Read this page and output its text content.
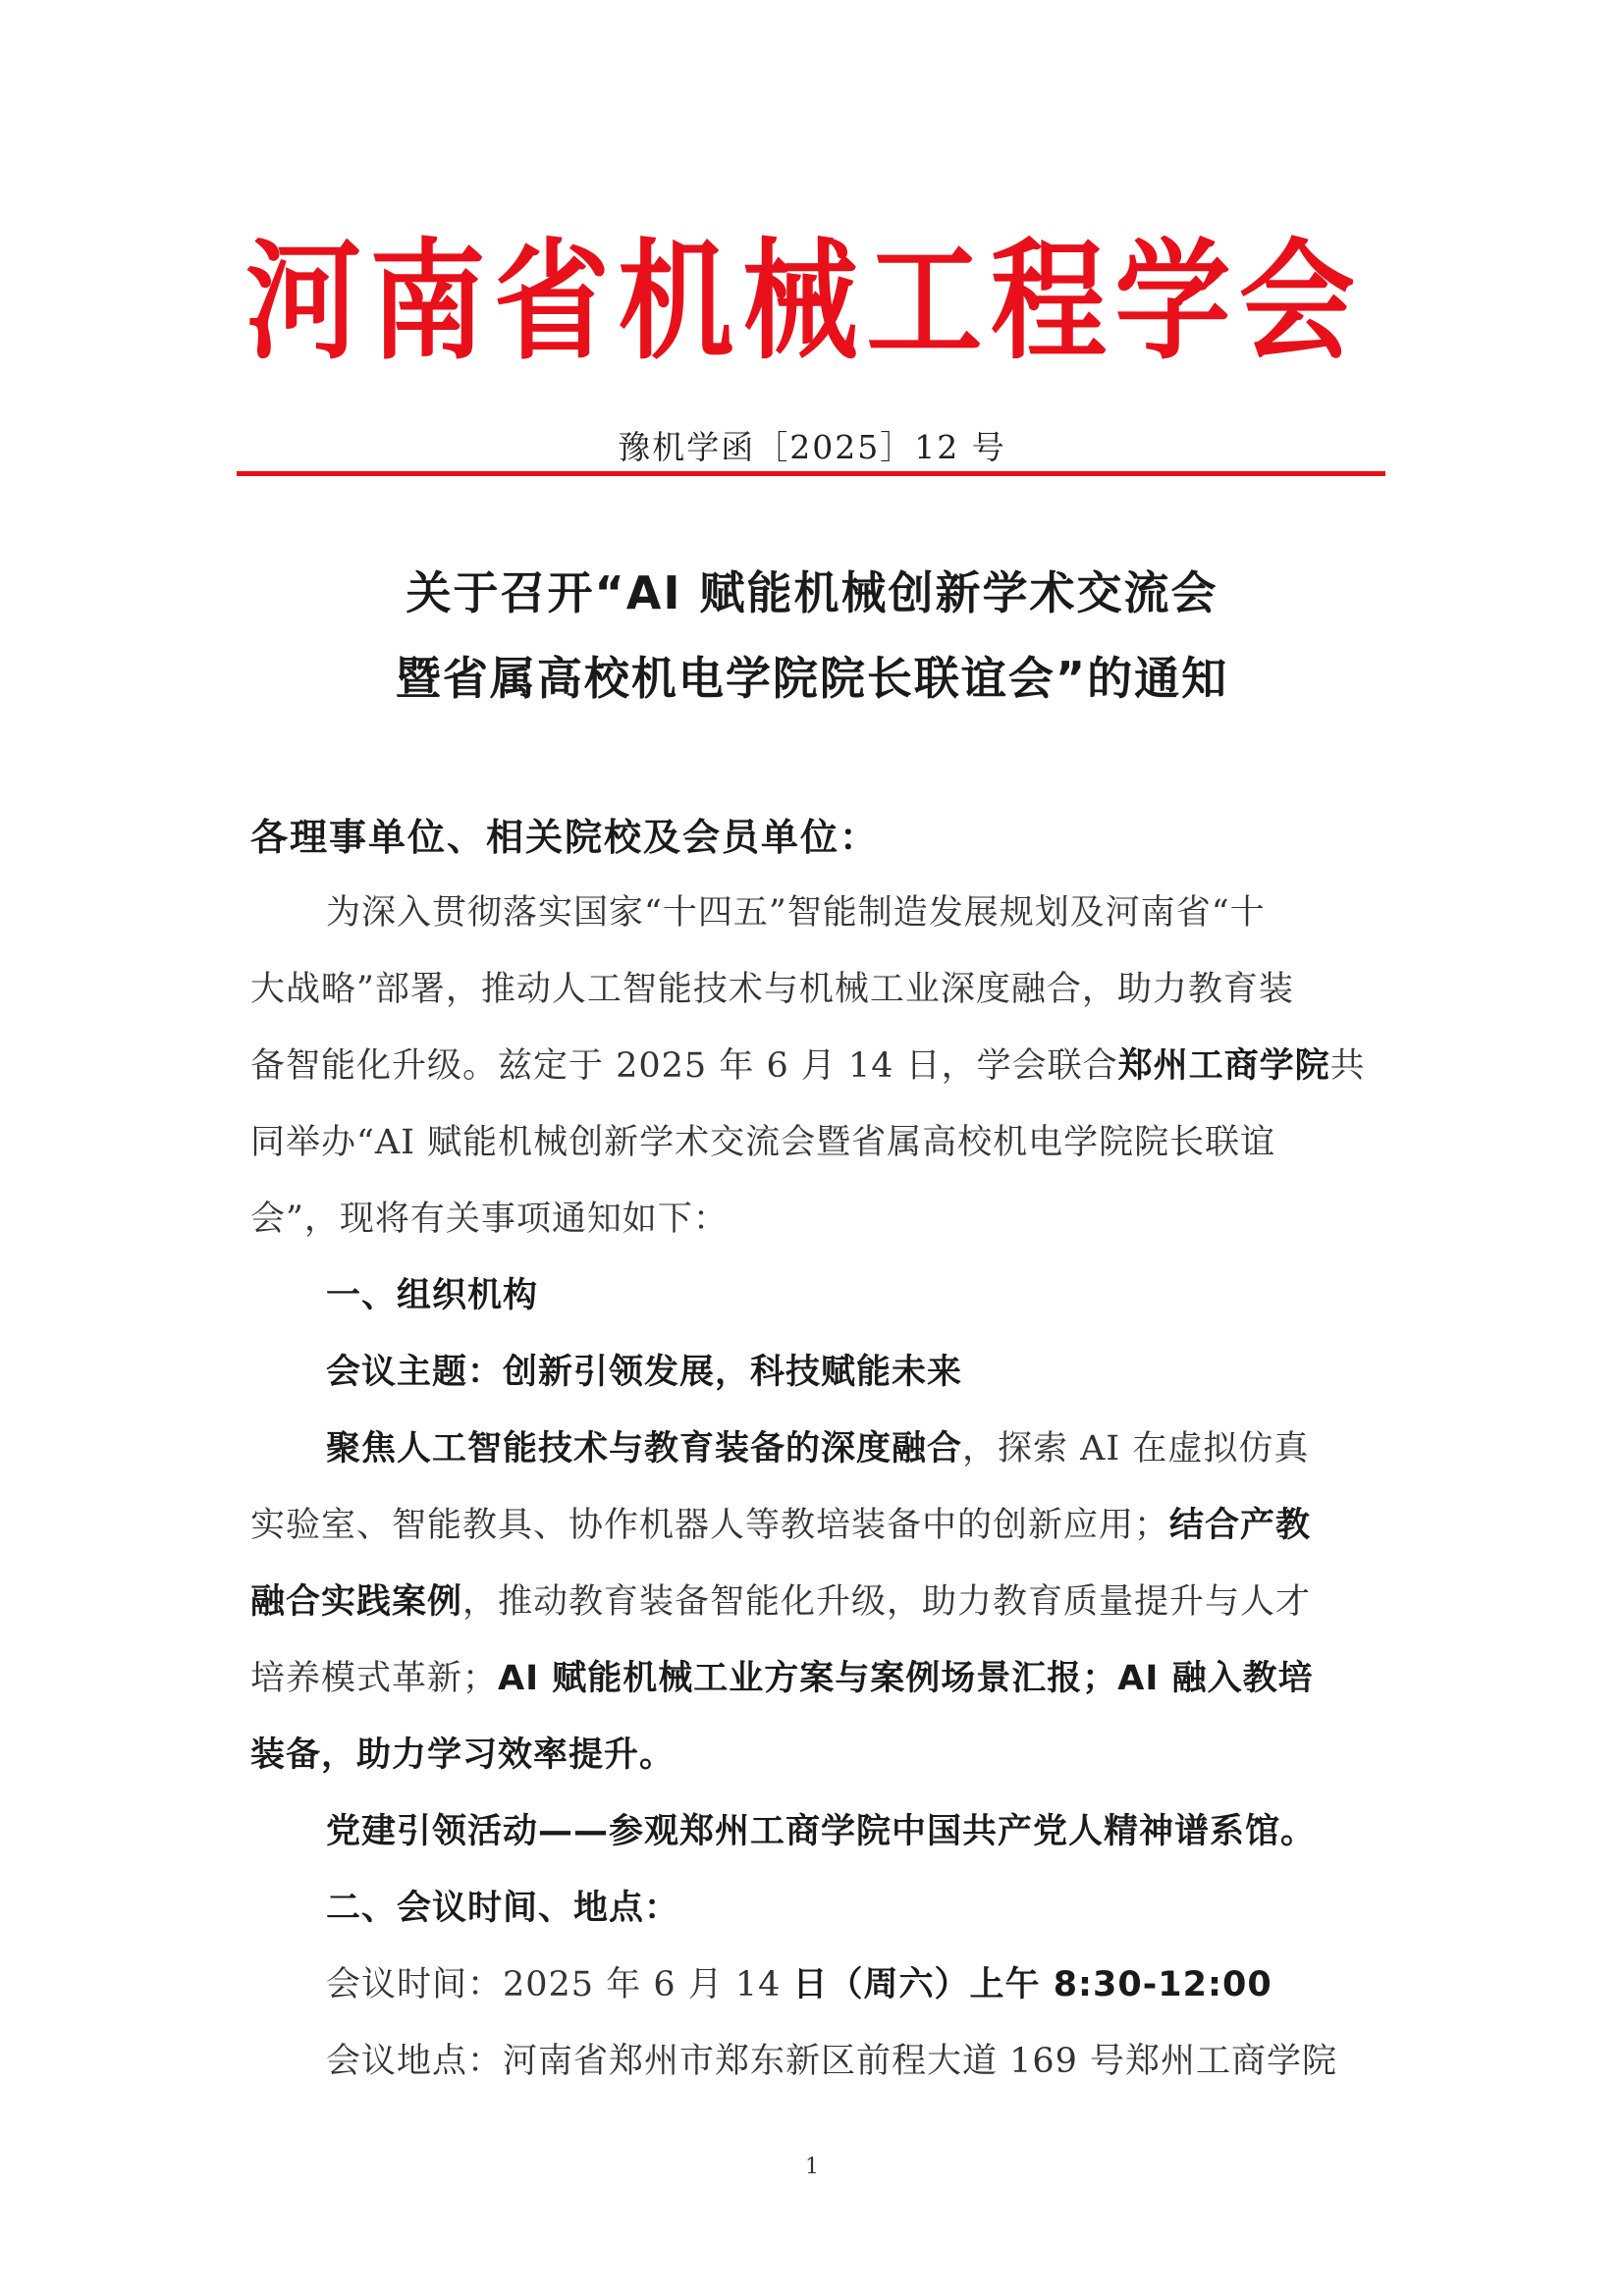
河 南 省 机 械 工 程 学 会
豫机学函［2025］12 号
关于召开“AI 赋能机械创新学术交流会
暨省属高校机电学院院长联谊会”的通知
各理事单位、相关院校及会员单位：
为深入贯彻落实国家“十四五”智能制造发展规划及河南省“十
大战略”部署，推动人工智能技术与机械工业深度融合，助力教育装
备智能化升级。兹定于 2025 年 6 月 14 日，学会联合郑州工商学院共
同举办“AI 赋能机械创新学术交流会暨省属高校机电学院院长联谊
会”，现将有关事项通知如下：
一、组织机构
会议主题：创新引领发展，科技赋能未来
聚焦人工智能技术与教育装备的深度融合，探索 AI 在虚拟仿真
实验室、智能教具、协作机器人等教培装备中的创新应用；结合产教
融合实践案例，推动教育装备智能化升级，助力教育质量提升与人才
培养模式革新；AI 赋能机械工业方案与案例场景汇报；AI 融入教培
装备，助力学习效率提升。
党建引领活动——参观郑州工商学院中国共产党人精神谱系馆。
二、会议时间、地点：
会议时间：2025 年 6 月 14 日（周六）上午 8:30-12:00
会议地点：河南省郑州市郑东新区前程大道 169 号郑州工商学院
1
